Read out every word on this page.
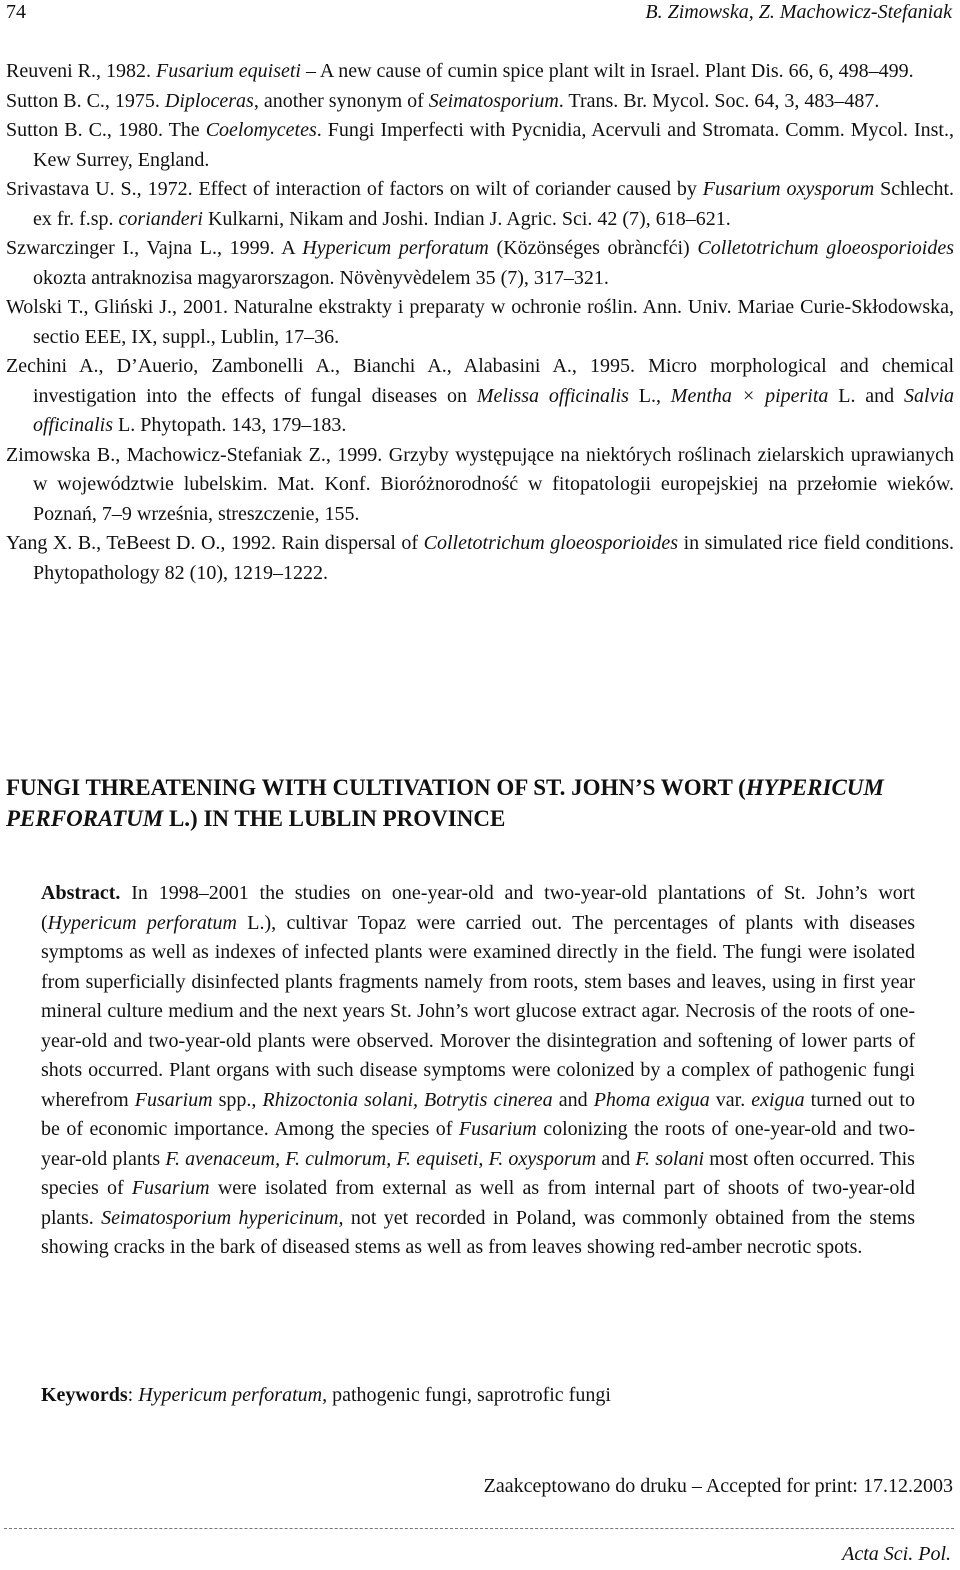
74	B. Zimowska, Z. Machowicz-Stefaniak

Reuveni R., 1982. Fusarium equiseti – A new cause of cumin spice plant wilt in Israel. Plant Dis. 66, 6, 498–499.

Sutton B. C., 1975. Diploceras, another synonym of Seimatosporium. Trans. Br. Mycol. Soc. 64, 3, 483–487.

Sutton B. C., 1980. The Coelomycetes. Fungi Imperfecti with Pycnidia, Acervuli and Stromata. Comm. Mycol. Inst., Kew Surrey, England.

Srivastava U. S., 1972. Effect of interaction of factors on wilt of coriander caused by Fusarium oxysporum Schlecht. ex fr. f.sp. corianderi Kulkarni, Nikam and Joshi. Indian J. Agric. Sci. 42 (7), 618–621.

Szwarczinger I., Vajna L., 1999. A Hypericum perforatum (Közönséges obràncfći) Colletotrichum gloeosporioides okozta antraknozisa magyarorszagon. Növènyvèdelem 35 (7), 317–321.

Wolski T., Gliński J., 2001. Naturalne ekstrakty i preparaty w ochronie roślin. Ann. Univ. Mariae Curie-Skłodowska, sectio EEE, IX, suppl., Lublin, 17–36.

Zechini A., D’Auerio, Zambonelli A., Bianchi A., Alabasini A., 1995. Micro morphological and chemical investigation into the effects of fungal diseases on Melissa officinalis L., Mentha × piperita L. and Salvia officinalis L. Phytopath. 143, 179–183.

Zimowska B., Machowicz-Stefaniak Z., 1999. Grzyby występujące na niektórych roślinach zielarskich uprawianych w województwie lubelskim. Mat. Konf. Bioróżnorodność w fitopatologii europejskiej na przełomie wieków. Poznań, 7–9 września, streszczenie, 155.

Yang X. B., TeBeest D. O., 1992. Rain dispersal of Colletotrichum gloeosporioides in simulated rice field conditions. Phytopathology 82 (10), 1219–1222.

FUNGI THREATENING WITH CULTIVATION OF ST. JOHN’S WORT (HYPERICUM PERFORATUM L.) IN THE LUBLIN PROVINCE

Abstract. In 1998–2001 the studies on one-year-old and two-year-old plantations of St. John’s wort (Hypericum perforatum L.), cultivar Topaz were carried out. The percentages of plants with diseases symptoms as well as indexes of infected plants were examined directly in the field. The fungi were isolated from superficially disinfected plants fragments namely from roots, stem bases and leaves, using in first year mineral culture medium and the next years St. John’s wort glucose extract agar. Necrosis of the roots of one-year-old and two-year-old plants were observed. Morover the disintegration and softening of lower parts of shots occurred. Plant organs with such disease symptoms were colonized by a complex of pathogenic fungi wherefrom Fusarium spp., Rhizoctonia solani, Botrytis cinerea and Phoma exigua var. exigua turned out to be of economic importance. Among the species of Fusarium colonizing the roots of one-year-old and two-year-old plants F. avenaceum, F. culmorum, F. equiseti, F. oxysporum and F. solani most often occurred. This species of Fusarium were isolated from external as well as from internal part of shoots of two-year-old plants. Seimatosporium hypericinum, not yet recorded in Poland, was commonly obtained from the stems showing cracks in the bark of diseased stems as well as from leaves showing red-amber necrotic spots.

Keywords: Hypericum perforatum, pathogenic fungi, saprotrofic fungi

Zaakceptowano do druku – Accepted for print: 17.12.2003

Acta Sci. Pol.
